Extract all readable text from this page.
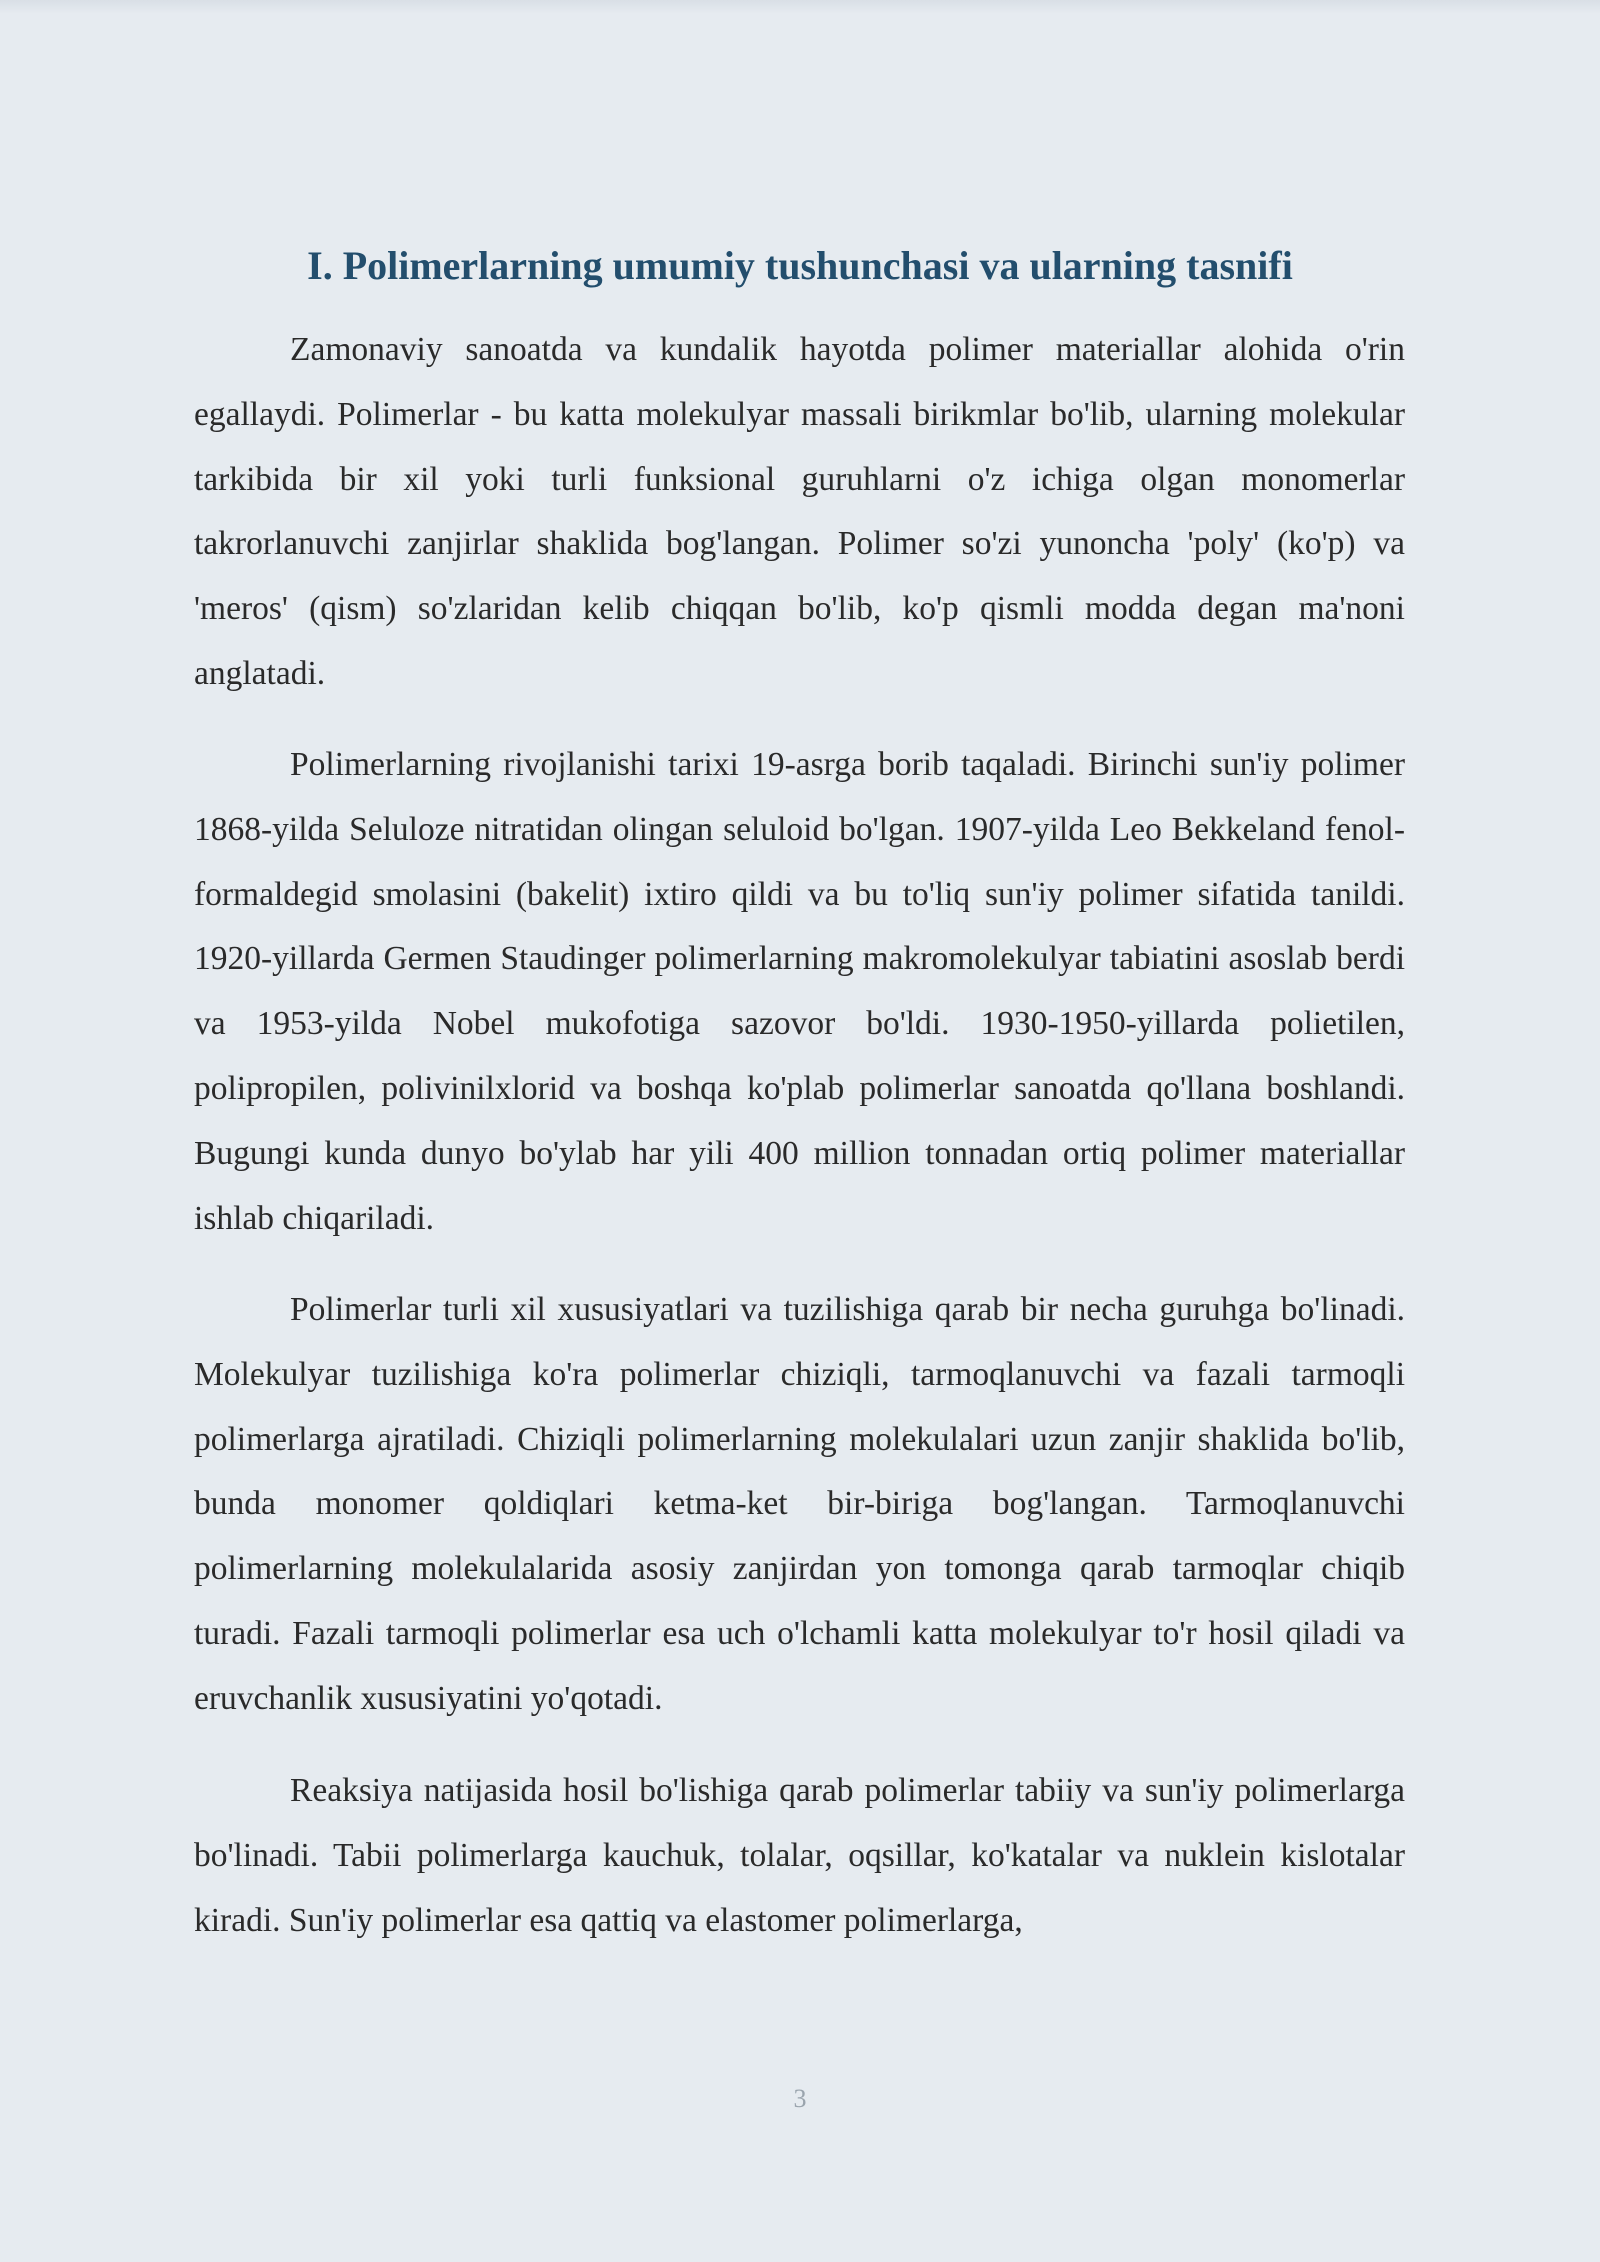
I. Polimerlarning umumiy tushunchasi va ularning tasnifi

Zamonaviy sanoatda va kundalik hayotda polimer materiallar alohida o'rin egallaydi. Polimerlar - bu katta molekulyar massali birikmlar bo'lib, ularning molekular tarkibida bir xil yoki turli funksional guruhlarni o'z ichiga olgan monomerlar takrorlanuvchi zanjirlar shaklida bog'langan. Polimer so'zi yunoncha 'poly' (ko'p) va 'meros' (qism) so'zlaridan kelib chiqqan bo'lib, ko'p qismli modda degan ma'noni anglatadi.

Polimerlarning rivojlanishi tarixi 19-asrga borib taqaladi. Birinchi sun'iy polimer 1868-yilda Seluloze nitratidan olingan seluloid bo'lgan. 1907-yilda Leo Bekkeland fenol-formaldegid smolasini (bakelit) ixtiro qildi va bu to'liq sun'iy polimer sifatida tanildi. 1920-yillarda Germen Staudinger polimerlarning makromolekulyar tabiatini asoslab berdi va 1953-yilda Nobel mukofotiga sazovor bo'ldi. 1930-1950-yillarda polietilen, polipropilen, polivinilxlorid va boshqa ko'plab polimerlar sanoatda qo'llana boshlandi. Bugungi kunda dunyo bo'ylab har yili 400 million tonnadan ortiq polimer materiallar ishlab chiqariladi.

Polimerlar turli xil xususiyatlari va tuzilishiga qarab bir necha guruhga bo'linadi. Molekulyar tuzilishiga ko'ra polimerlar chiziqli, tarmoqlanuvchi va fazali tarmoqli polimerlarga ajratiladi. Chiziqli polimerlarning molekulalari uzun zanjir shaklida bo'lib, bunda monomer qoldiqlari ketma-ket bir-biriga bog'langan. Tarmoqlanuvchi polimerlarning molekulalarida asosiy zanjirdan yon tomonga qarab tarmoqlar chiqib turadi. Fazali tarmoqli polimerlar esa uch o'lchamli katta molekulyar to'r hosil qiladi va eruvchanlik xususiyatini yo'qotadi.

Reaksiya natijasida hosil bo'lishiga qarab polimerlar tabiiy va sun'iy polimerlarga bo'linadi. Tabii polimerlarga kauchuk, tolalar, oqsillar, ko'katalar va nuklein kislotalar kiradi. Sun'iy polimerlar esa qattiq va elastomer polimerlarga,

3
